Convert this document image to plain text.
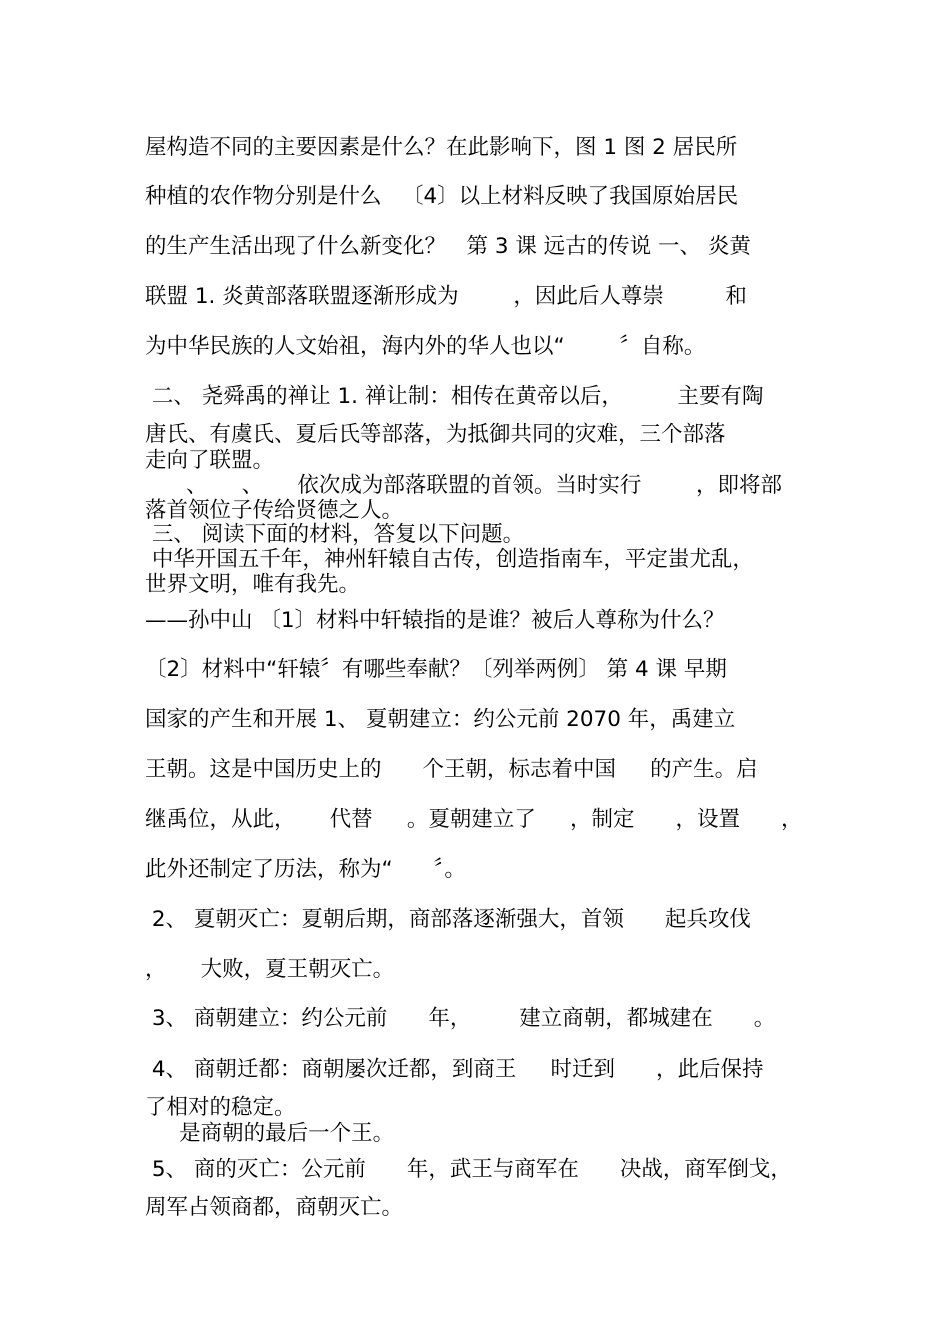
屋构造不同的主要因素是什么？在此影响下，图 1 图 2 居民所
种植的农作物分别是什么   〔4〕以上材料反映了我国原始居民
的生产生活出现了什么新变化？   第 3 课 远古的传说 一、 炎黄
联盟 1. 炎黄部落联盟逐渐形成为        ，因此后人尊崇         和
为中华民族的人文始祖，海内外的华人也以“        〞自称。
二、 尧舜禹的禅让 1. 禅让制：相传在黄帝以后，        主要有陶
唐氏、有虞氏、夏后氏等部落，为抵御共同的灾难，三个部落
走向了联盟。
、     、     依次成为部落联盟的首领。当时实行        ，即将部
落首领位子传给贤德之人。
三、 阅读下面的材料，答复以下问题。
中华开国五千年，神州轩辕自古传，创造指南车，平定蚩尤乱，
世界文明，唯有我先。
——孙中山 〔1〕材料中轩辕指的是谁？被后人尊称为什么？
〔2〕材料中“轩辕〞有哪些奉献？〔列举两例〕 第 4 课 早期
国家的产生和开展 1、 夏朝建立：约公元前 2070 年，禹建立
王朝。这是中国历史上的      个王朝，标志着中国     的产生。启
继禹位，从此，     代替     。夏朝建立了     ，制定      ，设置      ，
此外还制定了历法，称为“      〞。
2、 夏朝灭亡：夏朝后期，商部落逐渐强大，首领      起兵攻伐
，     大败，夏王朝灭亡。
3、 商朝建立：约公元前      年，       建立商朝，都城建在      。
4、 商朝迁都：商朝屡次迁都，到商王     时迁到      ，此后保持
了相对的稳定。
是商朝的最后一个王。
5、 商的灭亡：公元前      年，武王与商军在      决战，商军倒戈，
周军占领商都，商朝灭亡。
